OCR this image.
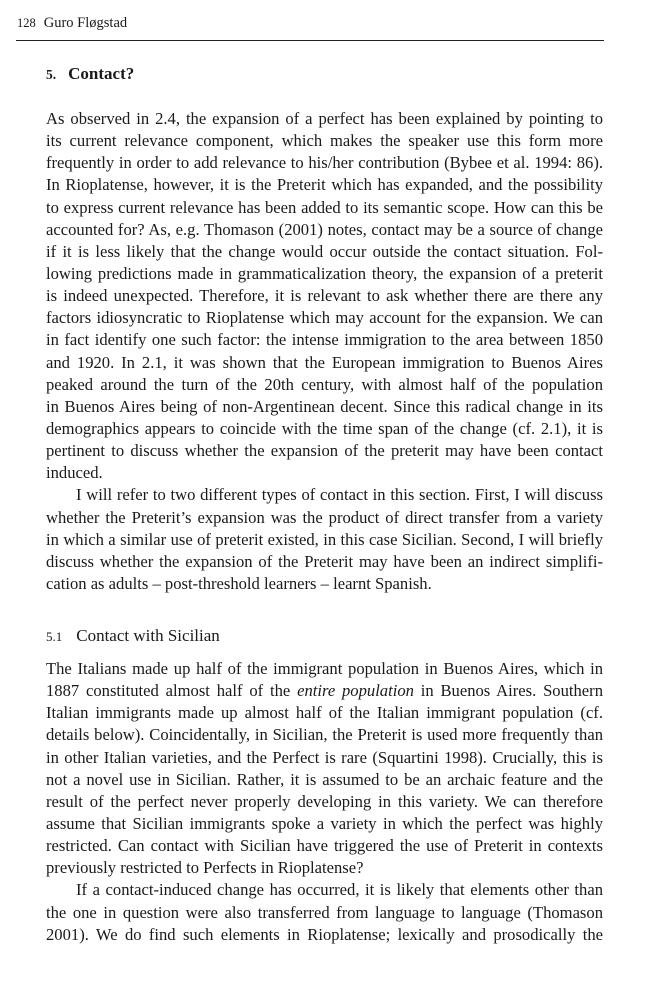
128 Guro Fløgstad
5. Contact?
As observed in 2.4, the expansion of a perfect has been explained by pointing to
its current relevance component, which makes the speaker use this form more
frequently in order to add relevance to his/her contribution (Bybee et al. 1994: 86).
In Rioplatense, however, it is the Preterit which has expanded, and the possibility
to express current relevance has been added to its semantic scope. How can this be
accounted for? As, e.g. Thomason (2001) notes, contact may be a source of change
if it is less likely that the change would occur outside the contact situation. Fol-
lowing predictions made in grammaticalization theory, the expansion of a preterit
is indeed unexpected. Therefore, it is relevant to ask whether there are there any
factors idiosyncratic to Rioplatense which may account for the expansion. We can
in fact identify one such factor: the intense immigration to the area between 1850
and 1920. In 2.1, it was shown that the European immigration to Buenos Aires
peaked around the turn of the 20th century, with almost half of the population
in Buenos Aires being of non-Argentinean decent. Since this radical change in its
demographics appears to coincide with the time span of the change (cf. 2.1), it is
pertinent to discuss whether the expansion of the preterit may have been contact
induced.
I will refer to two different types of contact in this section. First, I will discuss
whether the Preterit’s expansion was the product of direct transfer from a variety
in which a similar use of preterit existed, in this case Sicilian. Second, I will briefly
discuss whether the expansion of the Preterit may have been an indirect simplifi-
cation as adults – post-threshold learners – learnt Spanish.
5.1 Contact with Sicilian
The Italians made up half of the immigrant population in Buenos Aires, which in
1887 constituted almost half of the entire population in Buenos Aires. Southern
Italian immigrants made up almost half of the Italian immigrant population (cf.
details below). Coincidentally, in Sicilian, the Preterit is used more frequently than
in other Italian varieties, and the Perfect is rare (Squartini 1998). Crucially, this is
not a novel use in Sicilian. Rather, it is assumed to be an archaic feature and the
result of the perfect never properly developing in this variety. We can therefore
assume that Sicilian immigrants spoke a variety in which the perfect was highly
restricted. Can contact with Sicilian have triggered the use of Preterit in contexts
previously restricted to Perfects in Rioplatense?
If a contact-induced change has occurred, it is likely that elements other than
the one in question were also transferred from language to language (Thomason
2001). We do find such elements in Rioplatense; lexically and prosodically the
